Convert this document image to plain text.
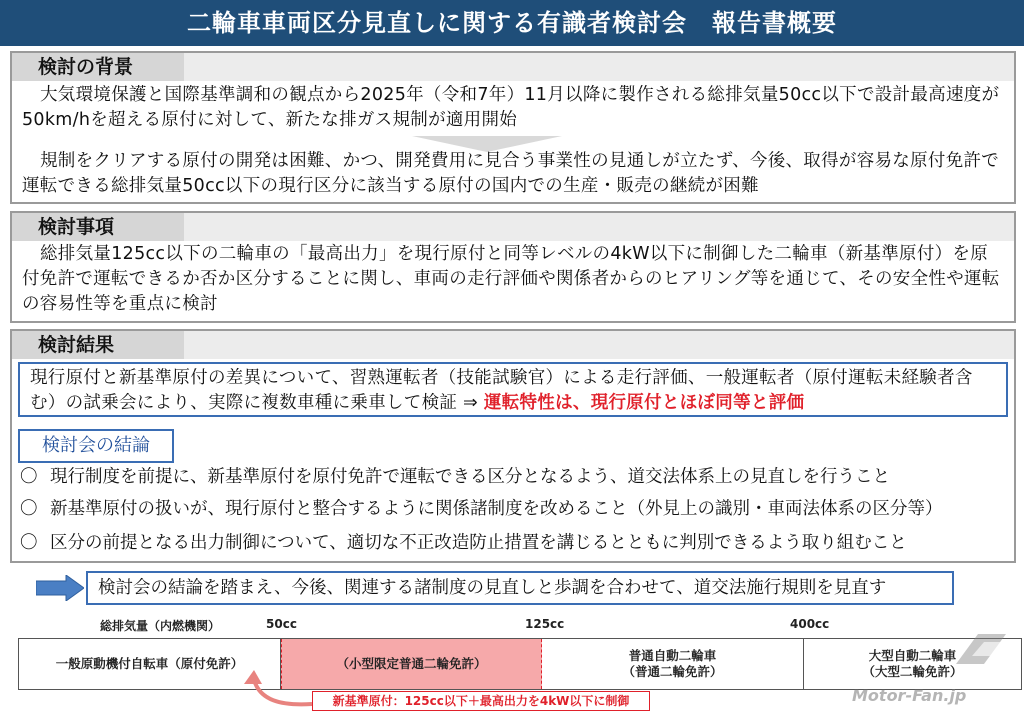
二輪車車両区分見直しに関する有識者検討会　報告書概要
検討の背景
大気環境保護と国際基準調和の観点から2025年（令和7年）11月以降に製作される総排気量50cc以下で設計最高速度が50km/hを超える原付に対して、新たな排ガス規制が適用開始
規制をクリアする原付の開発は困難、かつ、開発費用に見合う事業性の見通しが立たず、今後、取得が容易な原付免許で運転できる総排気量50cc以下の現行区分に該当する原付の国内での生産・販売の継続が困難
検討事項
総排気量125cc以下の二輪車の「最高出力」を現行原付と同等レベルの4kW以下に制御した二輪車（新基準原付）を原付免許で運転できるか否か区分することに関し、車両の走行評価や関係者からのヒアリング等を通じて、その安全性や運転の容易性等を重点に検討
検討結果
現行原付と新基準原付の差異について、習熟運転者（技能試験官）による走行評価、一般運転者（原付運転未経験者含む）の試乗会により、実際に複数車種に乗車して検証 ⇒ 運転特性は、現行原付とほぼ同等と評価
検討会の結論
〇 現行制度を前提に、新基準原付を原付免許で運転できる区分となるよう、道交法体系上の見直しを行うこと
〇 新基準原付の扱いが、現行原付と整合するように関係諸制度を改めること（外見上の識別・車両法体系の区分等）
〇 区分の前提となる出力制御について、適切な不正改造防止措置を講じるとともに判別できるよう取り組むこと
検討会の結論を踏まえ、今後、関連する諸制度の見直しと歩調を合わせて、道交法施行規則を見直す
総排気量（内燃機関）	50cc	125cc	400cc
一般原動機付自転車（原付免許）	（小型限定普通二輪免許）
普通自動二輪車
（普通二輪免許）
大型自動二輪車
（大型二輪免許）
新基準原付：125cc以下＋最高出力を4kW以下に制御	Motor-Fan.jp
